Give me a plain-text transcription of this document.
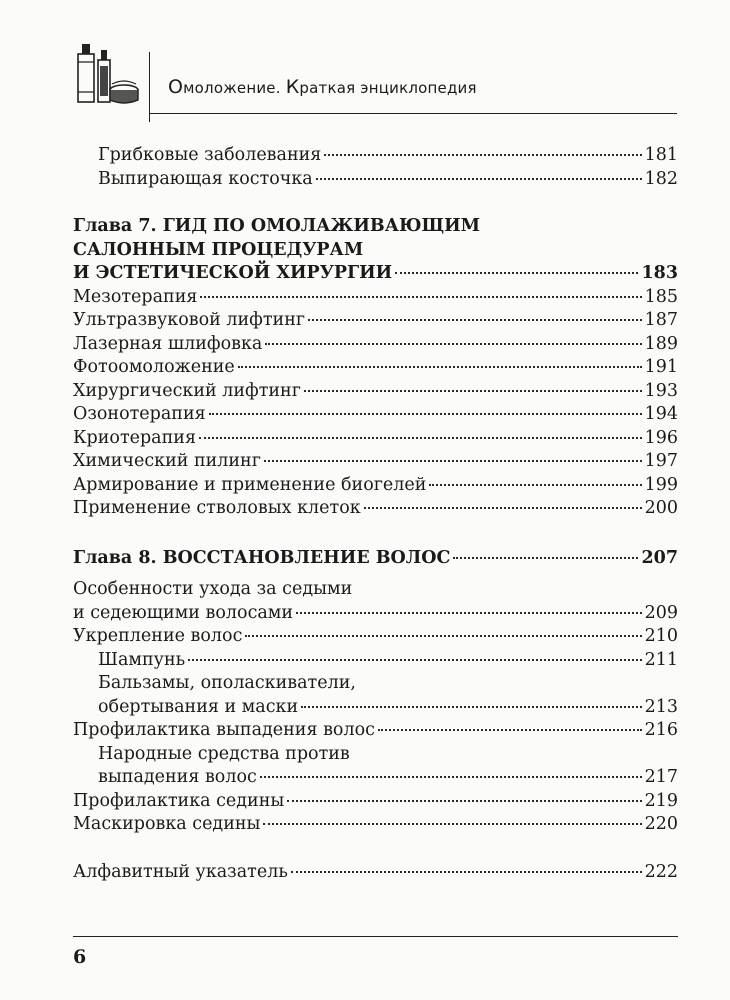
Омоложение. Краткая энциклопедия
Грибковые заболевания	181
Выпирающая косточка	182
Глава 7. ГИД ПО ОМОЛАЖИВАЮЩИМ
САЛОННЫМ ПРОЦЕДУРАМ
И ЭСТЕТИЧЕСКОЙ ХИРУРГИИ	183
Мезотерапия	185
Ультразвуковой лифтинг	187
Лазерная шлифовка	189
Фотоомоложение	191
Хирургический лифтинг	193
Озонотерапия	194
Криотерапия	196
Химический пилинг	197
Армирование и применение биогелей	199
Применение стволовых клеток	200
Глава 8. ВОССТАНОВЛЕНИЕ ВОЛОС	207
Особенности ухода за седыми
и седеющими волосами	209
Укрепление волос	210
Шампунь	211
Бальзамы, ополаскиватели,
обертывания и маски	213
Профилактика выпадения волос	216
Народные средства против
выпадения волос	217
Профилактика седины	219
Маскировка седины	220
Алфавитный указатель	222
6
